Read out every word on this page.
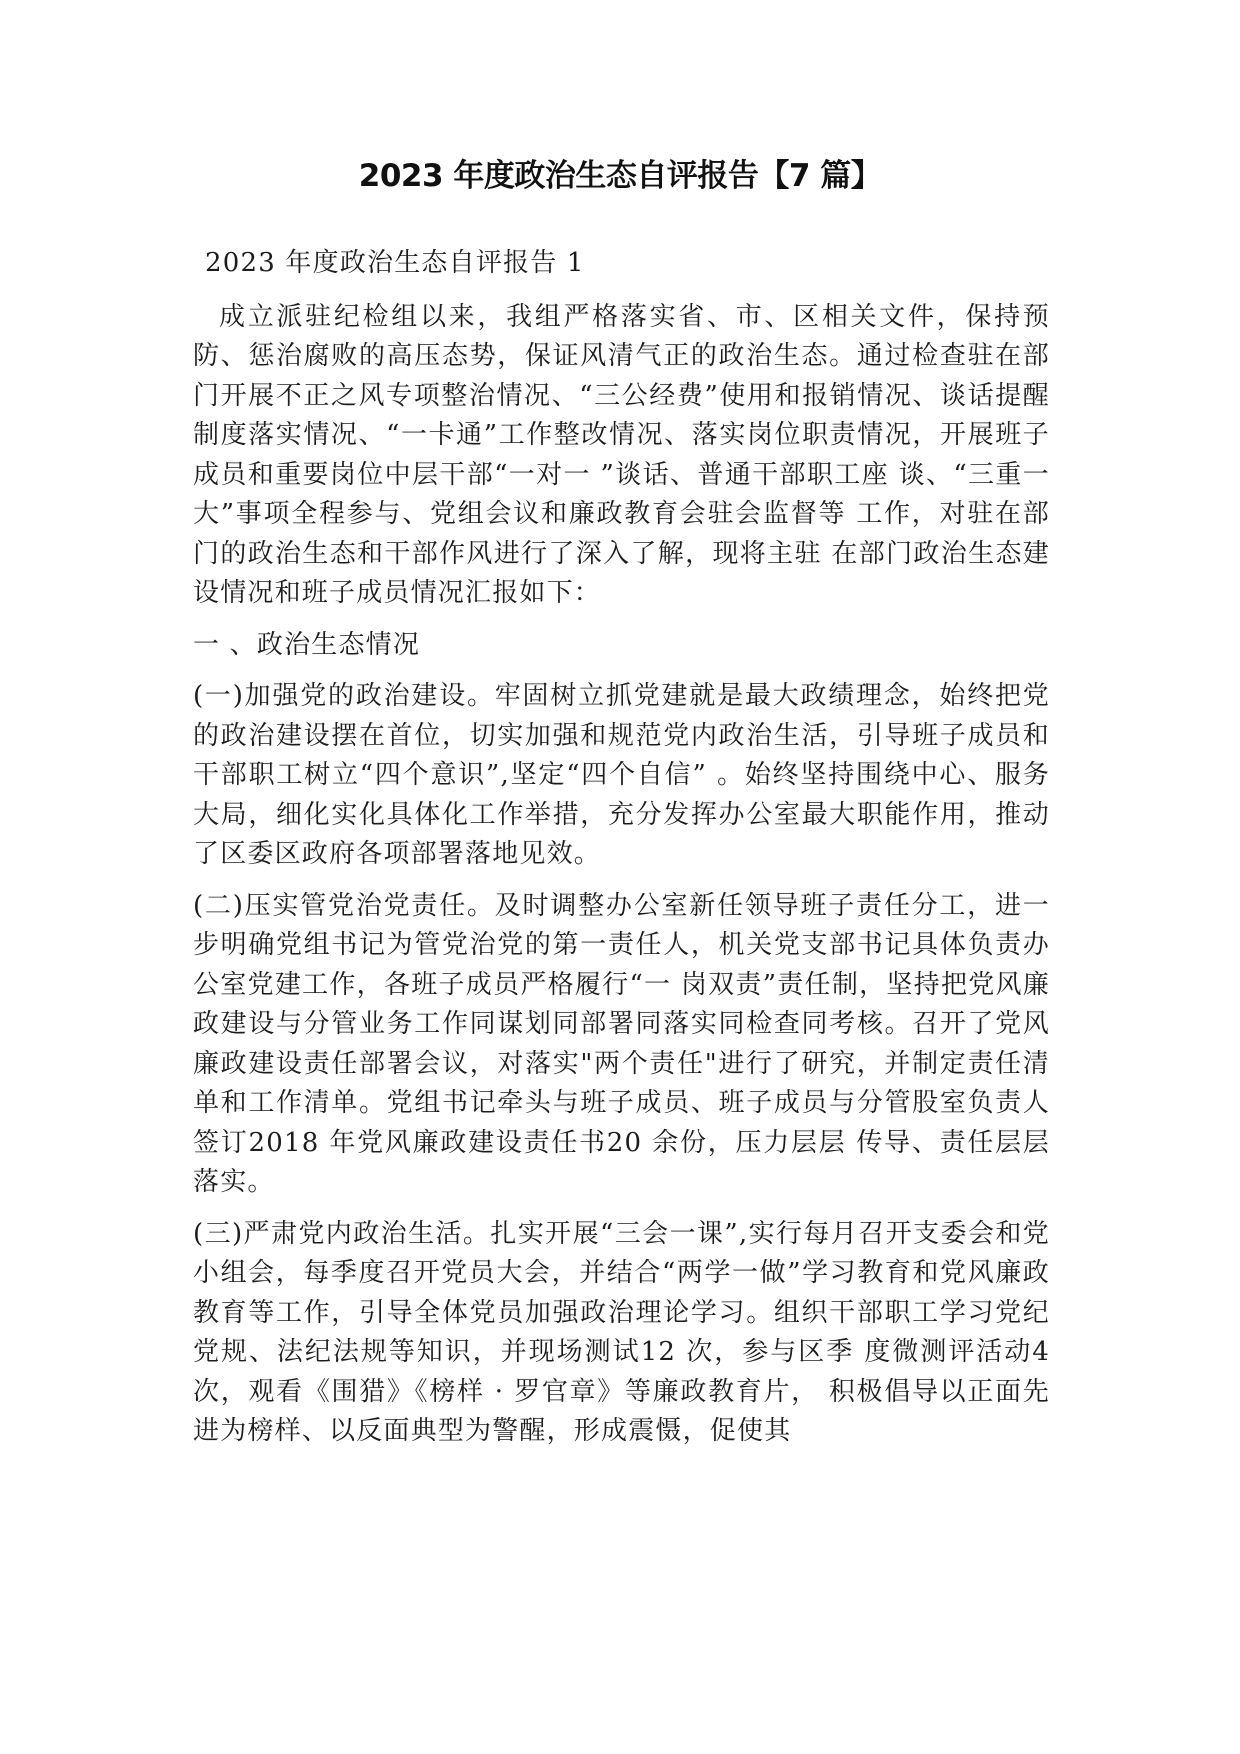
2023 年度政治生态自评报告【7 篇】

2023 年度政治生态自评报告 1

成立派驻纪检组以来，我组严格落实省、市、区相关文件，保持预防、惩治腐败的高压态势，保证风清气正的政治生态。通过检查驻在部门开展不正之风专项整治情况、“三公经费”使用和报销情况、谈话提醒制度落实情况、“一卡通”工作整改情况、落实岗位职责情况，开展班子成员和重要岗位中层干部“一对一 ”谈话、普通干部职工座 谈、“三重一大”事项全程参与、党组会议和廉政教育会驻会监督等 工作，对驻在部门的政治生态和干部作风进行了深入了解，现将主驻 在部门政治生态建设情况和班子成员情况汇报如下：

一 、政治生态情况

(一)加强党的政治建设。牢固树立抓党建就是最大政绩理念，始终把党的政治建设摆在首位，切实加强和规范党内政治生活，引导班子成员和干部职工树立“四个意识”,坚定“四个自信” 。始终坚持围绕中心、服务大局，细化实化具体化工作举措，充分发挥办公室最大职能作用，推动了区委区政府各项部署落地见效。

(二)压实管党治党责任。及时调整办公室新任领导班子责任分工，进一步明确党组书记为管党治党的第一责任人，机关党支部书记具体负责办公室党建工作，各班子成员严格履行“一 岗双责”责任制，坚持把党风廉政建设与分管业务工作同谋划同部署同落实同检查同考核。召开了党风廉政建设责任部署会议，对落实"两个责任"进行了研究，并制定责任清单和工作清单。党组书记牵头与班子成员、班子成员与分管股室负责人签订2018 年党风廉政建设责任书20 余份，压力层层 传导、责任层层落实。

(三)严肃党内政治生活。扎实开展“三会一课”,实行每月召开支委会和党小组会，每季度召开党员大会，并结合“两学一做”学习教育和党风廉政教育等工作，引导全体党员加强政治理论学习。组织干部职工学习党纪党规、法纪法规等知识，并现场测试12 次，参与区季 度微测评活动4 次，观看《围猎》《榜样 · 罗官章》等廉政教育片， 积极倡导以正面先进为榜样、以反面典型为警醒，形成震慑，促使其
